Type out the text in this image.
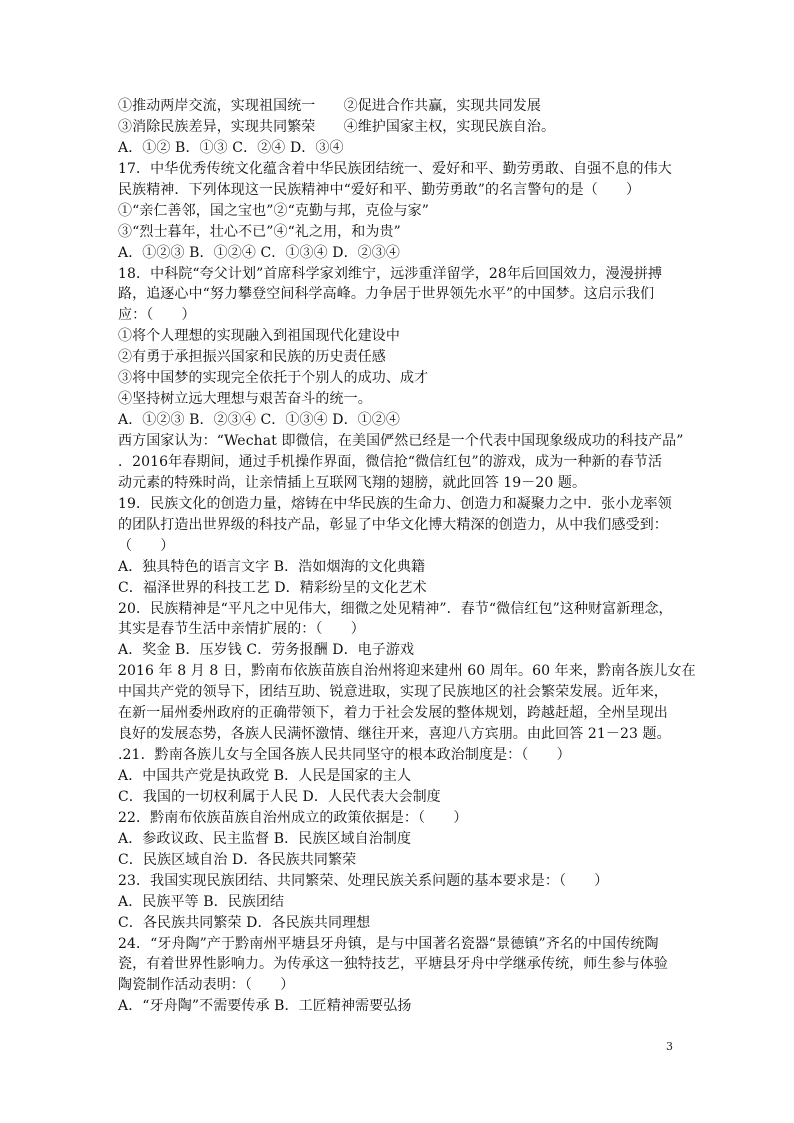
①推动两岸交流，实现祖国统一　　②促进合作共赢，实现共同发展
③消除民族差异，实现共同繁荣　　④维护国家主权，实现民族自治。
A．①② B．①③ C．②④ D．③④
17．中华优秀传统文化蕴含着中华民族团结统一、爱好和平、勤劳勇敢、自强不息的伟大
民族精神．下列体现这一民族精神中“爱好和平、勤劳勇敢”的名言警句的是（　　）
①“亲仁善邻，国之宝也”②“克勤与邦，克俭与家”
③“烈士暮年，壮心不已”④“礼之用，和为贵”
A．①②③ B．①②④ C．①③④ D．②③④
18．中科院“夸父计划”首席科学家刘维宁，远涉重洋留学，28年后回国效力，漫漫拼搏
路，追逐心中“努力攀登空间科学高峰。力争居于世界领先水平”的中国梦。这启示我们
应：（　　）
①将个人理想的实现融入到祖国现代化建设中
②有勇于承担振兴国家和民族的历史责任感
③将中国梦的实现完全依托于个别人的成功、成才
④坚持树立远大理想与艰苦奋斗的统一。
A．①②③ B．②③④ C．①③④ D．①②④
西方国家认为：“Wechat 即微信，在美国俨然已经是一个代表中国现象级成功的科技产品”
．2016年春期间，通过手机操作界面，微信抢“微信红包”的游戏，成为一种新的春节活
动元素的特殊时尚，让亲情插上互联网飞翔的翅膀，就此回答 19－20 题。
19．民族文化的创造力量，熔铸在中华民族的生命力、创造力和凝聚力之中．张小龙率领
的团队打造出世界级的科技产品，彰显了中华文化博大精深的创造力，从中我们感受到：
（　　）
A．独具特色的语言文字 B．浩如烟海的文化典籍
C．福泽世界的科技工艺 D．精彩纷呈的文化艺术
20．民族精神是“平凡之中见伟大，细微之处见精神”．春节“微信红包”这种财富新理念，
其实是春节生活中亲情扩展的：（　　）
A．奖金 B．压岁钱 C．劳务报酬 D．电子游戏
2016 年 8 月 8 日，黔南布依族苗族自治州将迎来建州 60 周年。60 年来，黔南各族儿女在
中国共产党的领导下，团结互助、锐意进取，实现了民族地区的社会繁荣发展。近年来，
在新一届州委州政府的正确带领下，着力于社会发展的整体规划，跨越赶超，全州呈现出
良好的发展态势，各族人民满怀激情、继往开来，喜迎八方宾朋。由此回答 21－23 题。
.21．黔南各族儿女与全国各族人民共同坚守的根本政治制度是：（　　）
A．中国共产党是执政党 B．人民是国家的主人
C．我国的一切权利属于人民 D．人民代表大会制度
22．黔南布依族苗族自治州成立的政策依据是：（　　）
A．参政议政、民主监督 B．民族区域自治制度
C．民族区域自治 D．各民族共同繁荣
23．我国实现民族团结、共同繁荣、处理民族关系问题的基本要求是：（　　）
A．民族平等 B．民族团结
C．各民族共同繁荣 D．各民族共同理想
24．“牙舟陶”产于黔南州平塘县牙舟镇，是与中国著名瓷器“景德镇”齐名的中国传统陶
瓷，有着世界性影响力。为传承这一独特技艺，平塘县牙舟中学继承传统，师生参与体验
陶瓷制作活动表明：（　　）
A．“牙舟陶”不需要传承 B．工匠精神需要弘扬
3
